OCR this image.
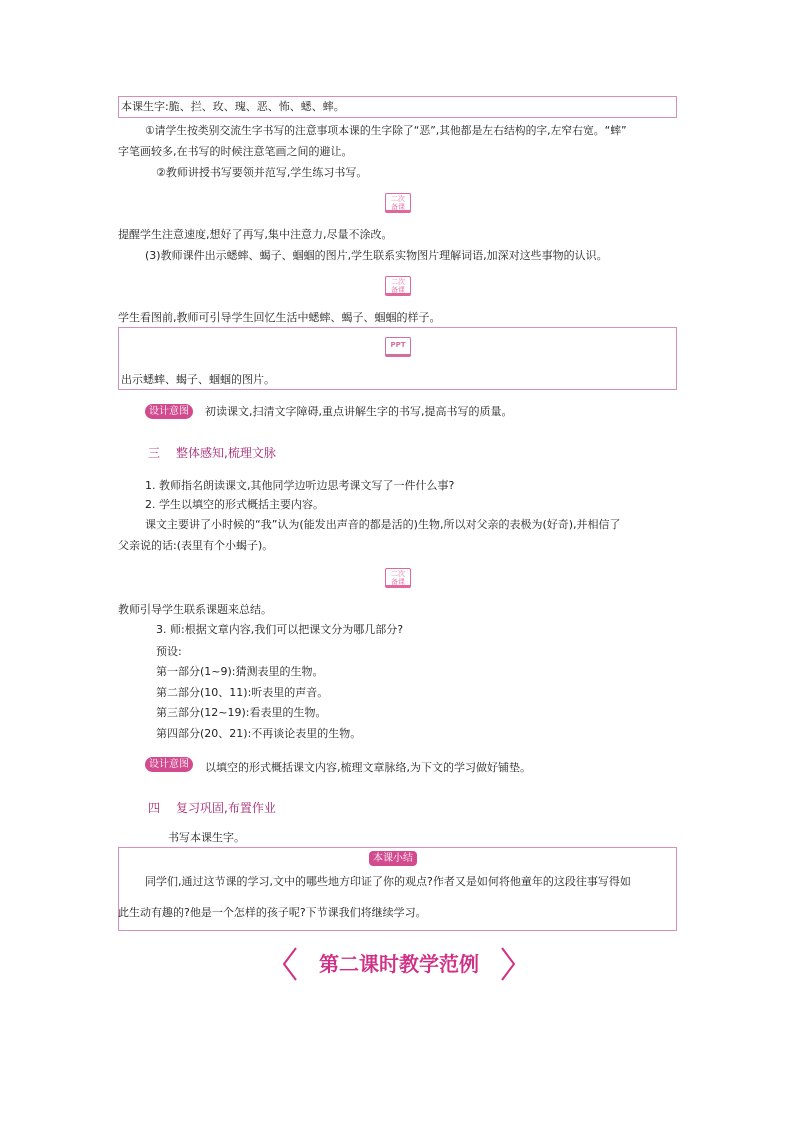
本课生字:脆、拦、玫、瑰、恶、怖、蟋、蟀。
①请学生按类别交流生字书写的注意事项本课的生字除了“恶”,其他都是左右结构的字,左窄右宽。“蟀”
字笔画较多,在书写的时候注意笔画之间的避让。
②教师讲授书写要领并范写,学生练习书写。
二次
备课
提醒学生注意速度,想好了再写,集中注意力,尽量不涂改。
(3)教师课件出示蟋蟀、蝎子、蝈蝈的图片,学生联系实物图片理解词语,加深对这些事物的认识。
二次
备课
学生看图前,教师可引导学生回忆生活中蟋蟀、蝎子、蝈蝈的样子。
PPT
出示蟋蟀、蝎子、蝈蝈的图片。
设计意图	初读课文,扫清文字障碍,重点讲解生字的书写,提高书写的质量。
三 整体感知,梳理文脉
1. 教师指名朗读课文,其他同学边听边思考课文写了一件什么事?
2. 学生以填空的形式概括主要内容。
课文主要讲了小时候的“我”认为(能发出声音的都是活的)生物,所以对父亲的表极为(好奇),并相信了
父亲说的话:(表里有个小蝎子)。
二次
备课
教师引导学生联系课题来总结。
3. 师:根据文章内容,我们可以把课文分为哪几部分?
预设:
第一部分(1~9):猜测表里的生物。
第二部分(10、11):听表里的声音。
第三部分(12~19):看表里的生物。
第四部分(20、21):不再谈论表里的生物。
设计意图	以填空的形式概括课文内容,梳理文章脉络,为下文的学习做好铺垫。
四 复习巩固,布置作业
书写本课生字。
本课小结
同学们,通过这节课的学习,文中的哪些地方印证了你的观点?作者又是如何将他童年的这段往事写得如
此生动有趣的?他是一个怎样的孩子呢?下节课我们将继续学习。
第二课时教学范例
